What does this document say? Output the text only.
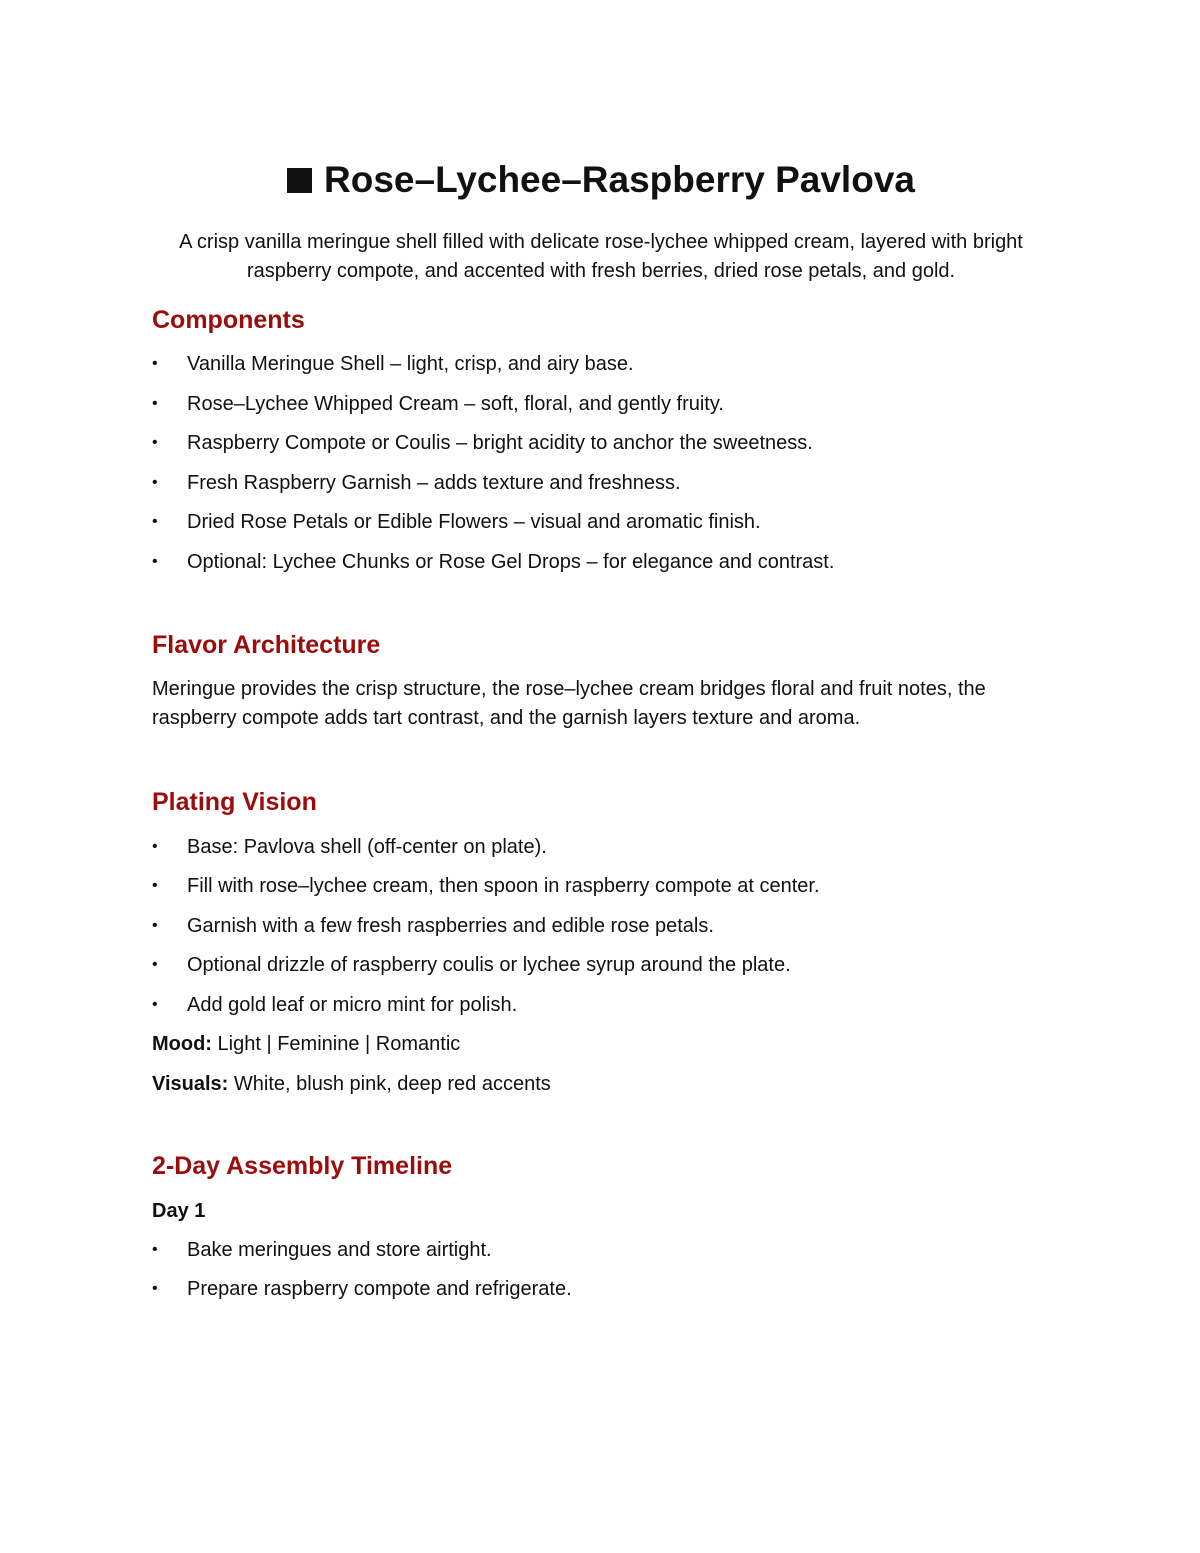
Rose–Lychee–Raspberry Pavlova

A crisp vanilla meringue shell filled with delicate rose-lychee whipped cream, layered with bright raspberry compote, and accented with fresh berries, dried rose petals, and gold.

Components
• Vanilla Meringue Shell – light, crisp, and airy base.
• Rose–Lychee Whipped Cream – soft, floral, and gently fruity.
• Raspberry Compote or Coulis – bright acidity to anchor the sweetness.
• Fresh Raspberry Garnish – adds texture and freshness.
• Dried Rose Petals or Edible Flowers – visual and aromatic finish.
• Optional: Lychee Chunks or Rose Gel Drops – for elegance and contrast.
Flavor Architecture

Meringue provides the crisp structure, the rose–lychee cream bridges floral and fruit notes, the raspberry compote adds tart contrast, and the garnish layers texture and aroma.

Plating Vision
• Base: Pavlova shell (off-center on plate).
• Fill with rose–lychee cream, then spoon in raspberry compote at center.
• Garnish with a few fresh raspberries and edible rose petals.
• Optional drizzle of raspberry coulis or lychee syrup around the plate.
• Add gold leaf or micro mint for polish.
Mood: Light | Feminine | Romantic
Visuals: White, blush pink, deep red accents
2-Day Assembly Timeline
Day 1
• Bake meringues and store airtight.
• Prepare raspberry compote and refrigerate.
